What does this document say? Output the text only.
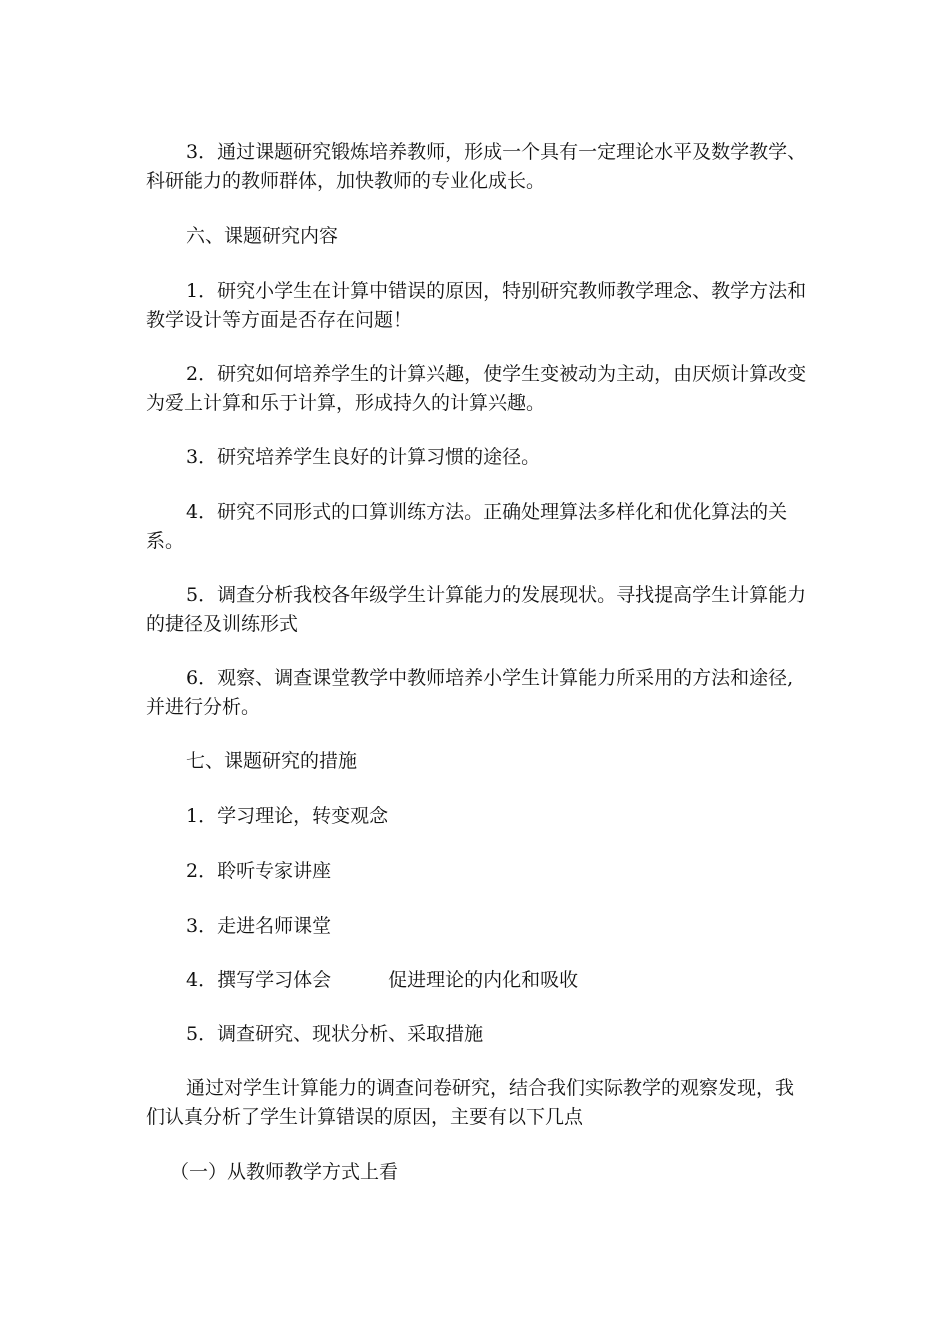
3．通过课题研究锻炼培养教师，形成一个具有一定理论水平及数学教学、科研能力的教师群体，加快教师的专业化成长。

六、课题研究内容

1．研究小学生在计算中错误的原因，特别研究教师教学理念、教学方法和教学设计等方面是否存在问题！

2．研究如何培养学生的计算兴趣，使学生变被动为主动，由厌烦计算改变为爱上计算和乐于计算，形成持久的计算兴趣。

3．研究培养学生良好的计算习惯的途径。

4．研究不同形式的口算训练方法。正确处理算法多样化和优化算法的关系。

5．调查分析我校各年级学生计算能力的发展现状。寻找提高学生计算能力的捷径及训练形式

6．观察、调查课堂教学中教师培养小学生计算能力所采用的方法和途径,并进行分析。

七、课题研究的措施

1．学习理论，转变观念

2．聆听专家讲座

3．走进名师课堂

4．撰写学习体会　　　促进理论的内化和吸收

5．调查研究、现状分析、采取措施

通过对学生计算能力的调查问卷研究，结合我们实际教学的观察发现，我们认真分析了学生计算错误的原因，主要有以下几点

（一）从教师教学方式上看
